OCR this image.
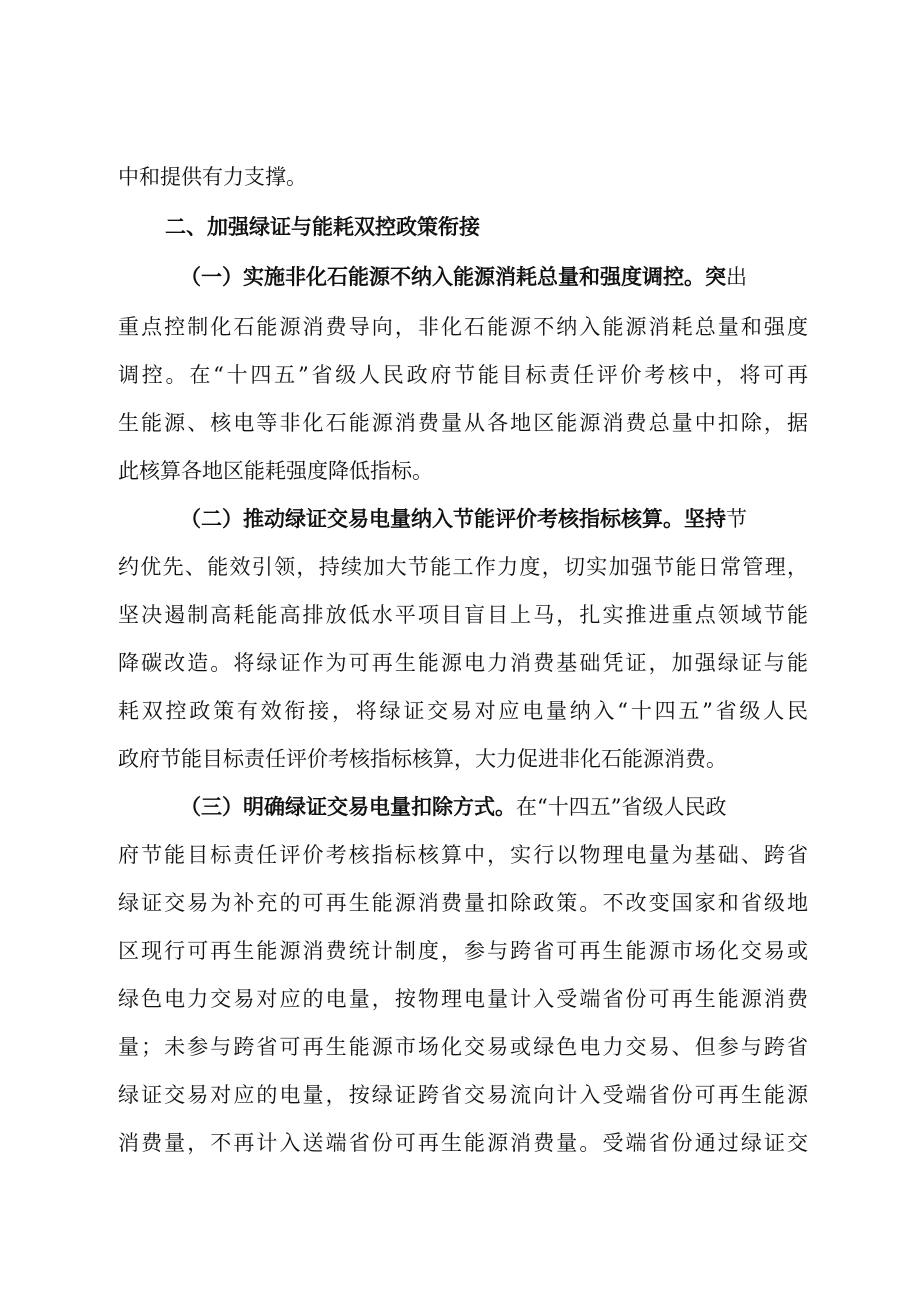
中和提供有力支撑。
二、加强绿证与能耗双控政策衔接
（一）实施非化石能源不纳入能源消耗总量和强度调控。突出
重点控制化石能源消费导向，非化石能源不纳入能源消耗总量和强度
调控。在“十四五”省级人民政府节能目标责任评价考核中，将可再
生能源、核电等非化石能源消费量从各地区能源消费总量中扣除，据
此核算各地区能耗强度降低指标。
（二）推动绿证交易电量纳入节能评价考核指标核算。坚持节
约优先、能效引领，持续加大节能工作力度，切实加强节能日常管理，
坚决遏制高耗能高排放低水平项目盲目上马，扎实推进重点领域节能
降碳改造。将绿证作为可再生能源电力消费基础凭证，加强绿证与能
耗双控政策有效衔接，将绿证交易对应电量纳入“十四五”省级人民
政府节能目标责任评价考核指标核算，大力促进非化石能源消费。
（三）明确绿证交易电量扣除方式。在“十四五”省级人民政
府节能目标责任评价考核指标核算中，实行以物理电量为基础、跨省
绿证交易为补充的可再生能源消费量扣除政策。不改变国家和省级地
区现行可再生能源消费统计制度，参与跨省可再生能源市场化交易或
绿色电力交易对应的电量，按物理电量计入受端省份可再生能源消费
量；未参与跨省可再生能源市场化交易或绿色电力交易、但参与跨省
绿证交易对应的电量，按绿证跨省交易流向计入受端省份可再生能源
消费量，不再计入送端省份可再生能源消费量。受端省份通过绿证交
